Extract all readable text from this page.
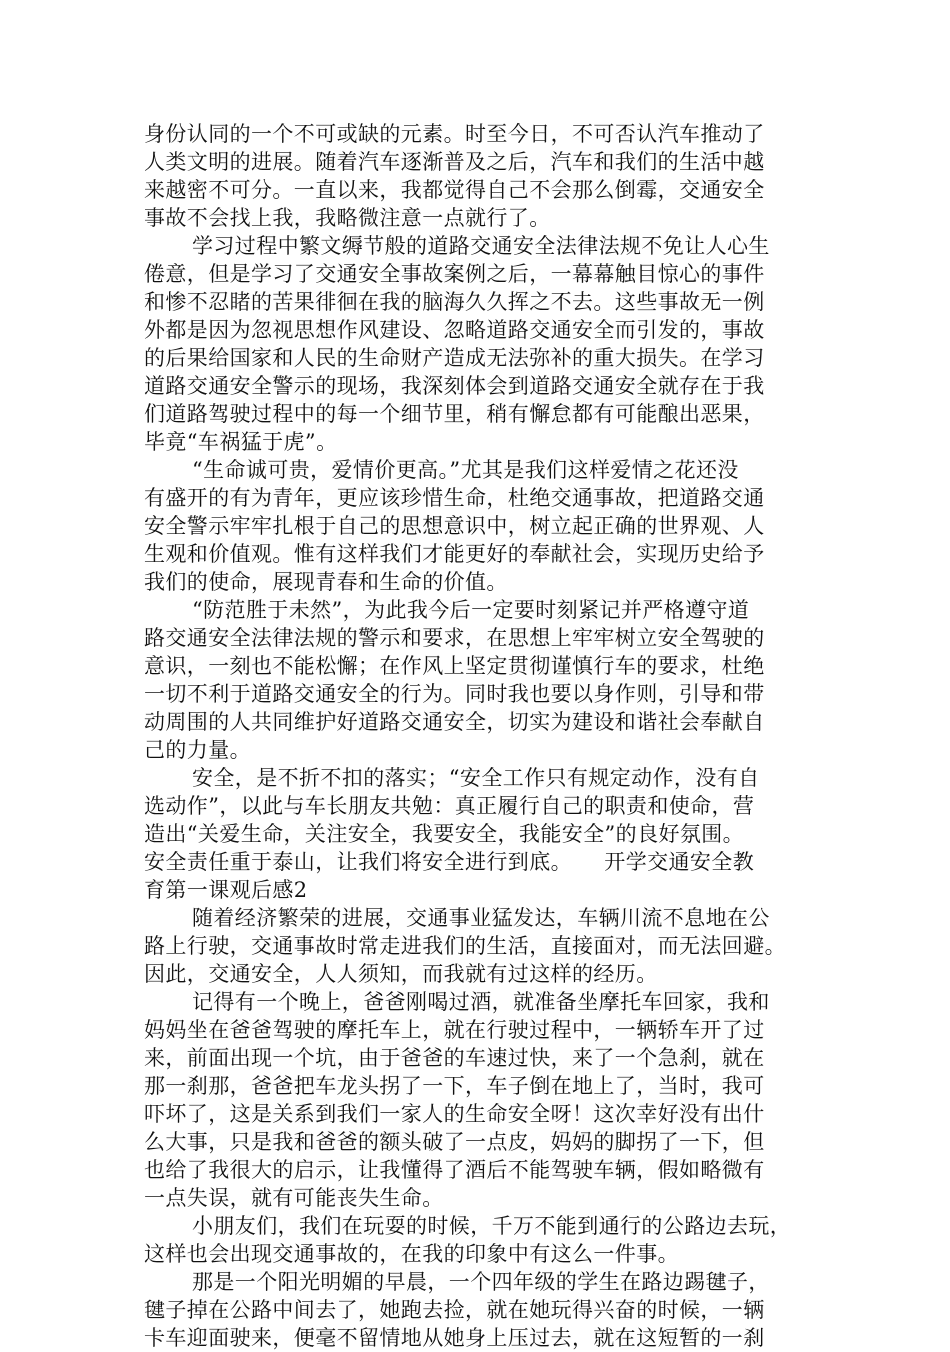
身份认同的一个不可或缺的元素。时至今日，不可否认汽车推动了
人类文明的进展。随着汽车逐渐普及之后，汽车和我们的生活中越
来越密不可分。一直以来，我都觉得自己不会那么倒霉，交通安全
事故不会找上我，我略微注意一点就行了。
学习过程中繁文缛节般的道路交通安全法律法规不免让人心生
倦意，但是学习了交通安全事故案例之后，一幕幕触目惊心的事件
和惨不忍睹的苦果徘徊在我的脑海久久挥之不去。这些事故无一例
外都是因为忽视思想作风建设、忽略道路交通安全而引发的，事故
的后果给国家和人民的生命财产造成无法弥补的重大损失。在学习
道路交通安全警示的现场，我深刻体会到道路交通安全就存在于我
们道路驾驶过程中的每一个细节里，稍有懈怠都有可能酿出恶果，
毕竟“车祸猛于虎”。
“生命诚可贵，爱情价更高。”尤其是我们这样爱情之花还没
有盛开的有为青年，更应该珍惜生命，杜绝交通事故，把道路交通
安全警示牢牢扎根于自己的思想意识中，树立起正确的世界观、人
生观和价值观。惟有这样我们才能更好的奉献社会，实现历史给予
我们的使命，展现青春和生命的价值。
“防范胜于未然”，为此我今后一定要时刻紧记并严格遵守道
路交通安全法律法规的警示和要求，在思想上牢牢树立安全驾驶的
意识，一刻也不能松懈；在作风上坚定贯彻谨慎行车的要求，杜绝
一切不利于道路交通安全的行为。同时我也要以身作则，引导和带
动周围的人共同维护好道路交通安全，切实为建设和谐社会奉献自
己的力量。
安全，是不折不扣的落实；“安全工作只有规定动作，没有自
选动作”，以此与车长朋友共勉：真正履行自己的职责和使命，营
造出“关爱生命，关注安全，我要安全，我能安全”的良好氛围。
安全责任重于泰山，让我们将安全进行到底。　　开学交通安全教
育第一课观后感2
随着经济繁荣的进展，交通事业猛发达，车辆川流不息地在公
路上行驶，交通事故时常走进我们的生活，直接面对，而无法回避。
因此，交通安全，人人须知，而我就有过这样的经历。
记得有一个晚上，爸爸刚喝过酒，就准备坐摩托车回家，我和
妈妈坐在爸爸驾驶的摩托车上，就在行驶过程中，一辆轿车开了过
来，前面出现一个坑，由于爸爸的车速过快，来了一个急刹，就在
那一刹那，爸爸把车龙头拐了一下，车子倒在地上了，当时，我可
吓坏了，这是关系到我们一家人的生命安全呀！这次幸好没有出什
么大事，只是我和爸爸的额头破了一点皮，妈妈的脚拐了一下，但
也给了我很大的启示，让我懂得了酒后不能驾驶车辆，假如略微有
一点失误，就有可能丧失生命。
小朋友们，我们在玩耍的时候，千万不能到通行的公路边去玩，
这样也会出现交通事故的，在我的印象中有这么一件事。
那是一个阳光明媚的早晨，一个四年级的学生在路边踢毽子，
毽子掉在公路中间去了，她跑去捡，就在她玩得兴奋的时候，一辆
卡车迎面驶来，便毫不留情地从她身上压过去，就在这短暂的一刹
